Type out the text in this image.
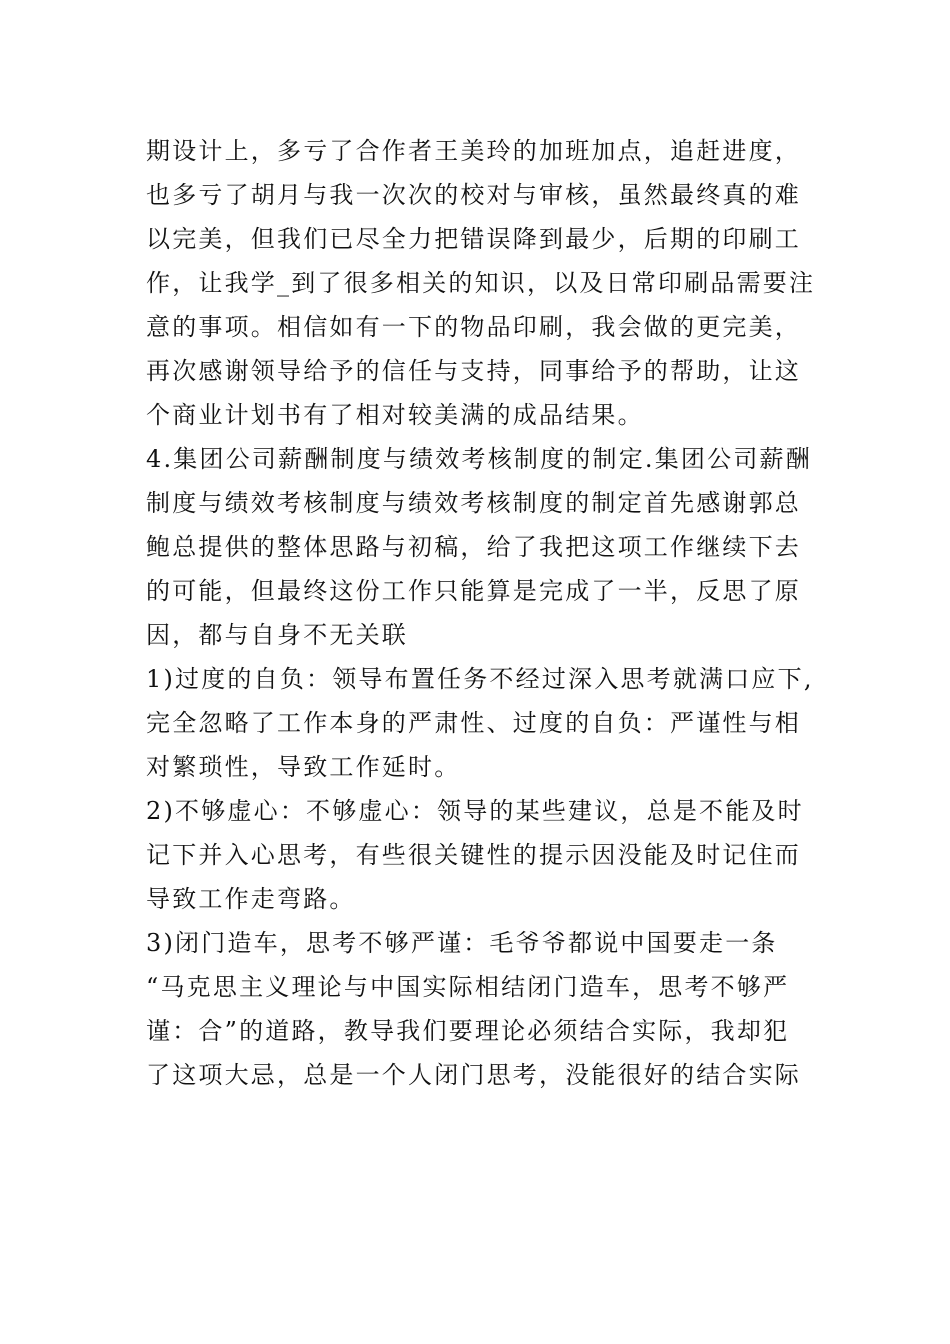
期设计上，多亏了合作者王美玲的加班加点，追赶进度，
也多亏了胡月与我一次次的校对与审核，虽然最终真的难
以完美，但我们已尽全力把错误降到最少，后期的印刷工
作，让我学_到了很多相关的知识，以及日常印刷品需要注
意的事项。相信如有一下的物品印刷，我会做的更完美，
再次感谢领导给予的信任与支持，同事给予的帮助，让这
个商业计划书有了相对较美满的成品结果。
4.集团公司薪酬制度与绩效考核制度的制定.集团公司薪酬
制度与绩效考核制度与绩效考核制度的制定首先感谢郭总
鲍总提供的整体思路与初稿，给了我把这项工作继续下去
的可能，但最终这份工作只能算是完成了一半，反思了原
因，都与自身不无关联
1)过度的自负：领导布置任务不经过深入思考就满口应下,
完全忽略了工作本身的严肃性、过度的自负：严谨性与相
对繁琐性，导致工作延时。
2)不够虚心：不够虚心：领导的某些建议，总是不能及时
记下并入心思考，有些很关键性的提示因没能及时记住而
导致工作走弯路。
3)闭门造车，思考不够严谨：毛爷爷都说中国要走一条
“马克思主义理论与中国实际相结闭门造车，思考不够严
谨：合”的道路，教导我们要理论必须结合实际，我却犯
了这项大忌，总是一个人闭门思考，没能很好的结合实际
